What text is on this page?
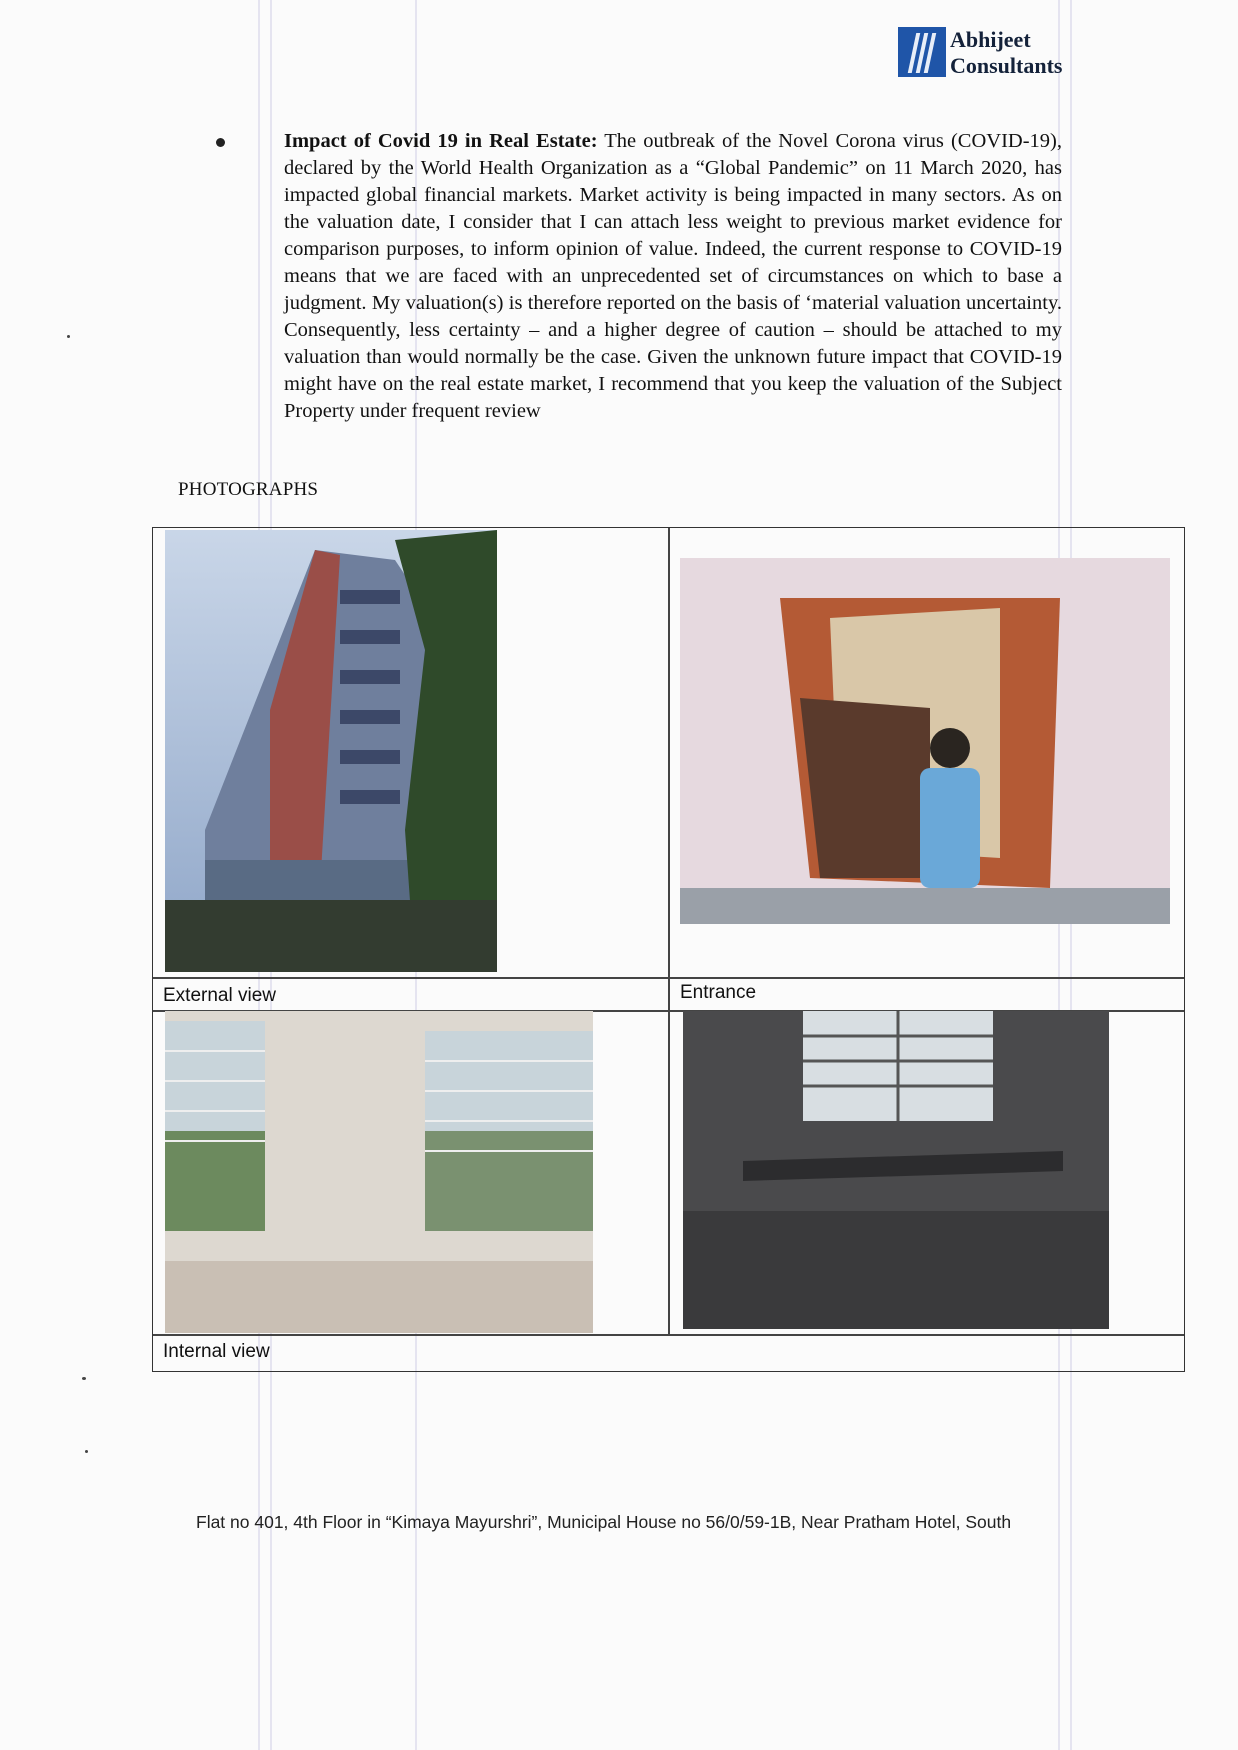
Abhijeet
Consultants
Impact of Covid 19 in Real Estate: The outbreak of the Novel Corona virus (COVID-19), declared by the World Health Organization as a “Global Pandemic” on 11 March 2020, has impacted global financial markets. Market activity is being impacted in many sectors. As on the valuation date, I consider that I can attach less weight to previous market evidence for comparison purposes, to inform opinion of value. Indeed, the current response to COVID-19 means that we are faced with an unprecedented set of circumstances on which to base a judgment. My valuation(s) is therefore reported on the basis of ‘material valuation uncertainty. Consequently, less certainty – and a higher degree of caution – should be attached to my valuation than would normally be the case. Given the unknown future impact that COVID-19 might have on the real estate market, I recommend that you keep the valuation of the Subject Property under frequent review
PHOTOGRAPHS
External view	Entrance
Internal view
Flat no 401, 4th Floor in “Kimaya Mayurshri”, Municipal House no 56/0/59-1B, Near Pratham Hotel, South
